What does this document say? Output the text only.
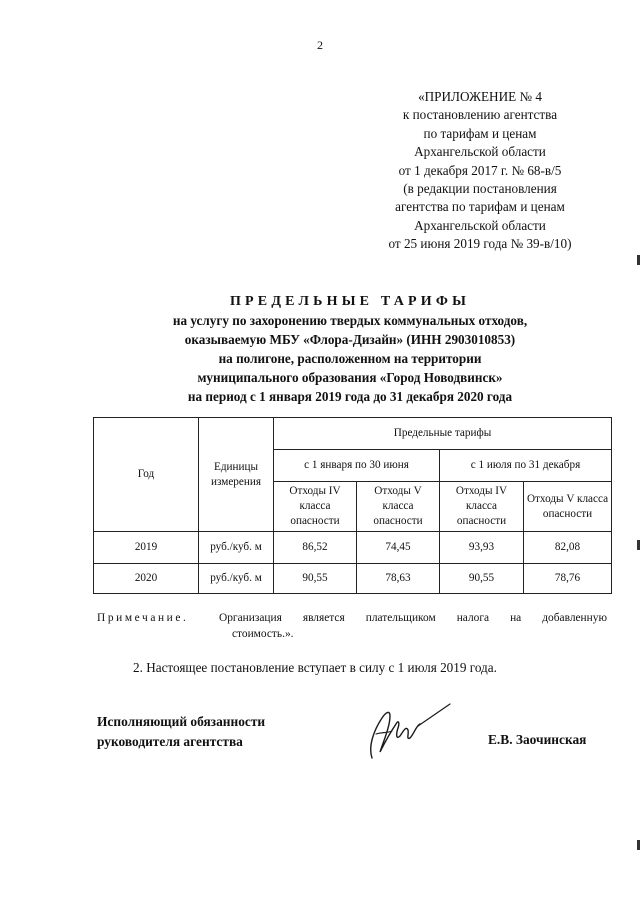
2
«ПРИЛОЖЕНИЕ № 4
к постановлению агентства
по тарифам и ценам
Архангельской области
от 1 декабря 2017 г. № 68-в/5
(в редакции постановления
агентства по тарифам и ценам
Архангельской области
от 25 июня 2019 года № 39-в/10)
ПРЕДЕЛЬНЫЕ ТАРИФЫ
на услугу по захоронению твердых коммунальных отходов,
оказываемую МБУ «Флора-Дизайн» (ИНН 2903010853)
на полигоне, расположенном на территории
муниципального образования «Город Новодвинск»
на период с 1 января 2019 года до 31 декабря 2020 года
Год	Единицы измерения	Предельные тарифы			
		с 1 января по 30 июня		с 1 июля по 31 декабря	
		Отходы IV класса опасности	Отходы V класса опасности	Отходы IV класса опасности	Отходы V класса опасности
2019	руб./куб. м	86,52	74,45	93,93	82,08
2020	руб./куб. м	90,55	78,63	90,55	78,76
Примечание.	Организация является плательщиком налога на добавленную
стоимость.».
2. Настоящее постановление вступает в силу с 1 июля 2019 года.
Исполняющий обязанности
руководителя агентства	Е.В. Заочинская
